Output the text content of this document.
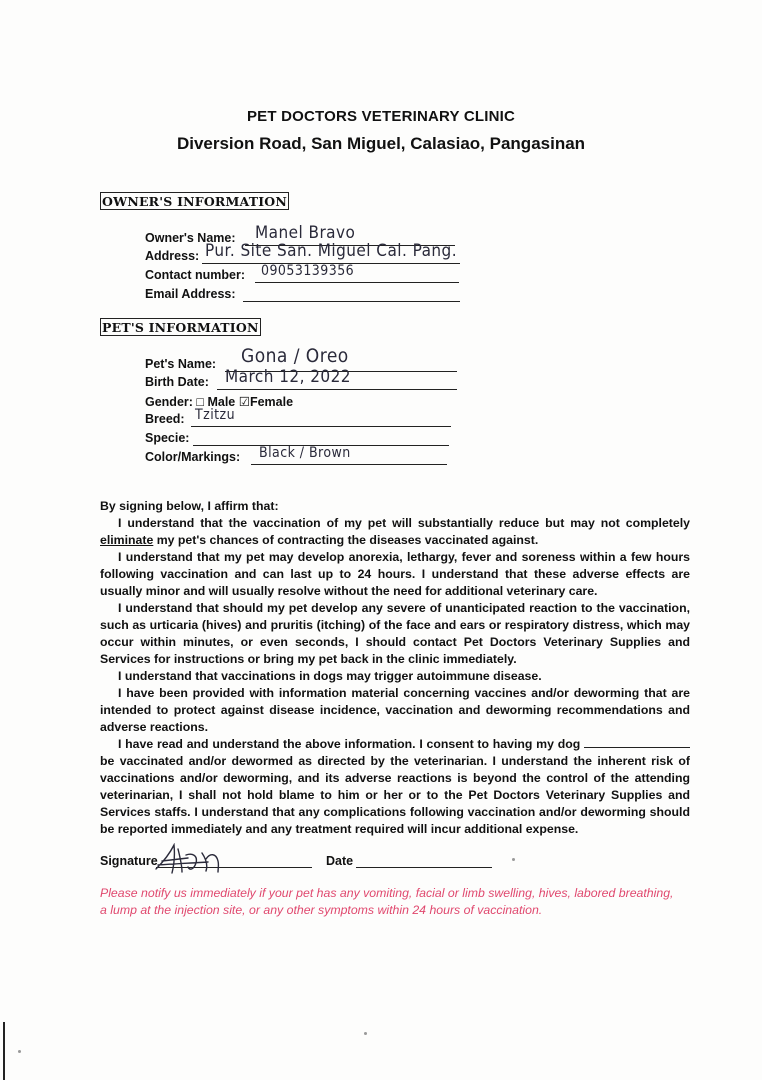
PET DOCTORS VETERINARY CLINIC
Diversion Road, San Miguel, Calasiao, Pangasinan
OWNER'S INFORMATION
Owner's Name: Manel Bravo
Address: Pur. Site San. Miguel Cal. Pang.
Contact number: 09053139356
Email Address:
PET'S INFORMATION
Pet's Name: Gona / Oreo
Birth Date: March 12, 2022
Gender: □ Male ☑Female
Breed: Tzitzu
Specie:
Color/Markings: Black / Brown

By signing below, I affirm that:

I understand that the vaccination of my pet will substantially reduce but may not completely eliminate my pet's chances of contracting the diseases vaccinated against.

I understand that my pet may develop anorexia, lethargy, fever and soreness within a few hours following vaccination and can last up to 24 hours. I understand that these adverse effects are usually minor and will usually resolve without the need for additional veterinary care.

I understand that should my pet develop any severe of unanticipated reaction to the vaccination, such as urticaria (hives) and pruritis (itching) of the face and ears or respiratory distress, which may occur within minutes, or even seconds, I should contact Pet Doctors Veterinary Supplies and Services for instructions or bring my pet back in the clinic immediately.

I understand that vaccinations in dogs may trigger autoimmune disease.

I have been provided with information material concerning vaccines and/or deworming that are intended to protect against disease incidence, vaccination and deworming recommendations and adverse reactions.

I have read and understand the above information. I consent to having my dog  be vaccinated and/or dewormed as directed by the veterinarian. I understand the inherent risk of vaccinations and/or deworming, and its adverse reactions is beyond the control of the attending veterinarian, I shall not hold blame to him or her or to the Pet Doctors Veterinary Supplies and Services staffs. I understand that any complications following vaccination and/or deworming should be reported immediately and any treatment required will incur additional expense.

Signature	Date
Please notify us immediately if your pet has any vomiting, facial or limb swelling, hives, labored breathing, a lump at the injection site, or any other symptoms within 24 hours of vaccination.
